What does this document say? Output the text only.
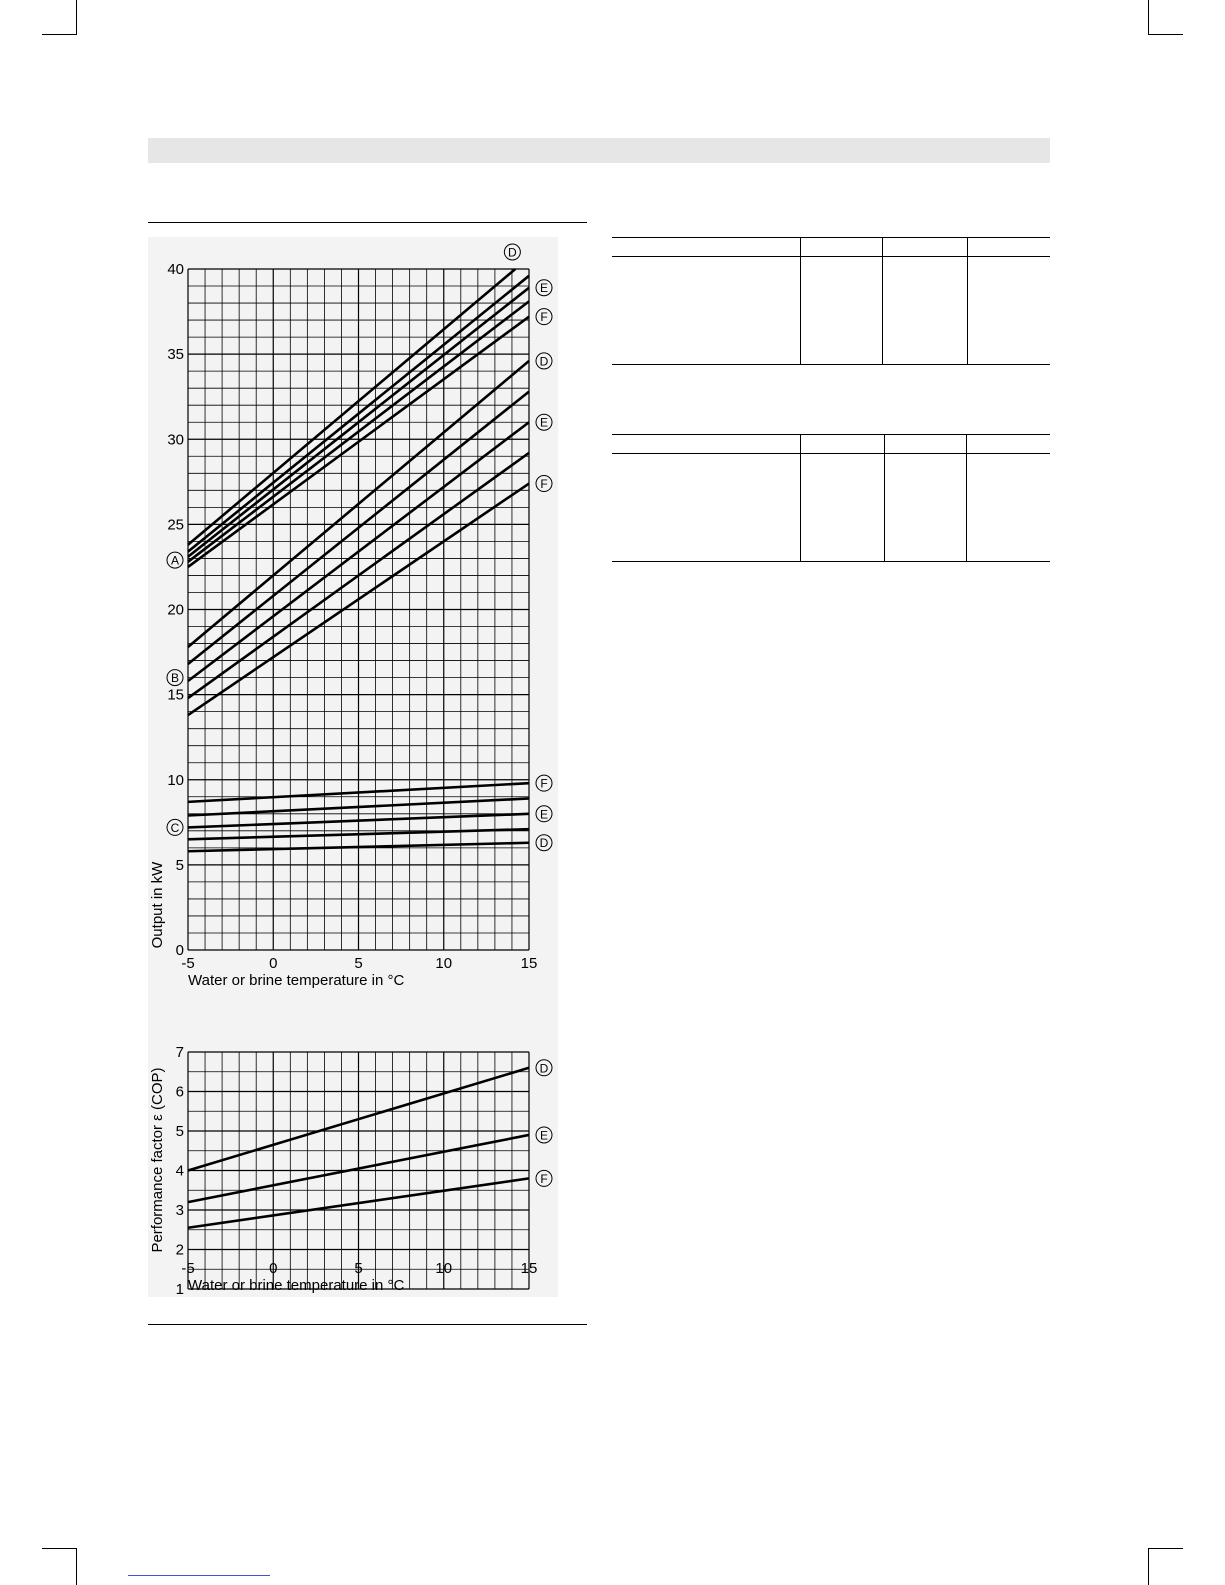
-5	0	5	10	15
0
5
10
15
20
25
30
35
40
Water or brine temperature in °C
Output in kW
D
E
F
D
E
F
F
E
D
A
B
C
-5	0	5	10	15
1
2
3
4
5
6
7
Water or brine temperature in °C
Performance factor ε (COP)	D
E
F
